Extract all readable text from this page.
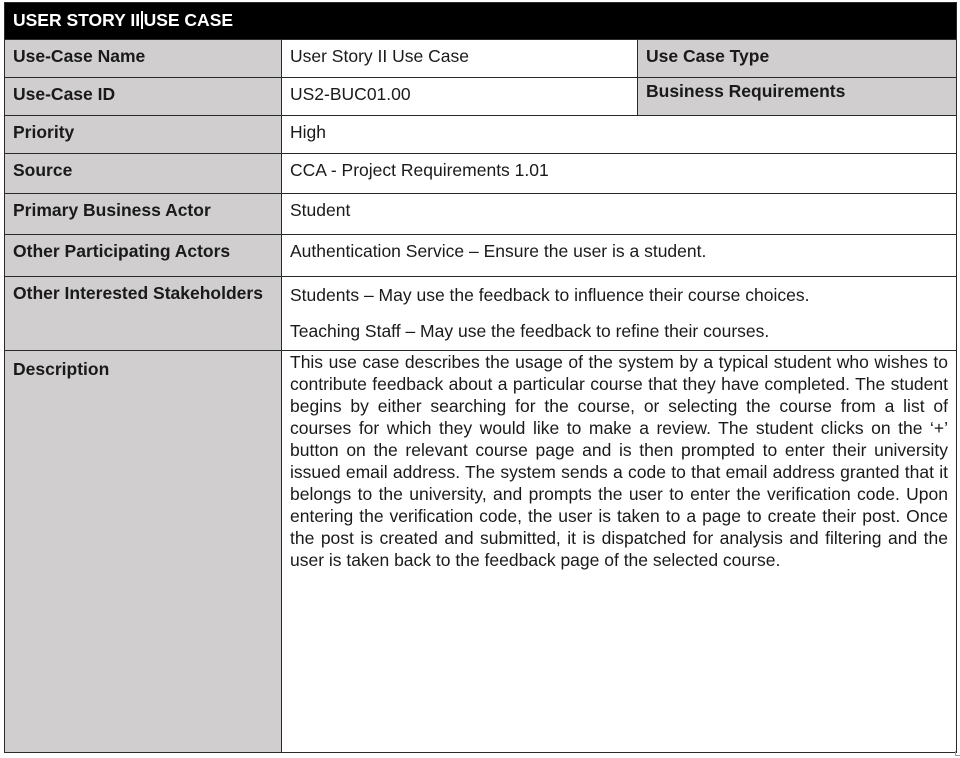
USER STORY II USE CASE		
Use-Case Name	User Story II Use Case	Use Case Type
Use-Case ID	US2-BUC01.00	Business Requirements
Priority	High	
Source	CCA - Project Requirements 1.01	
Primary Business Actor	Student	
Other Participating Actors	Authentication Service – Ensure the user is a student.	
Other Interested Stakeholders	Students – May use the feedback to influence their course choices.
Teaching Staff – May use the feedback to refine their courses.	

Description	This use case describes the usage of the system by a typical student who wishes to contribute feedback about a particular course that they have completed. The student begins by either searching for the course, or selecting the course from a list of courses for which they would like to make a review. The student clicks on the ‘+’ button on the relevant course page and is then prompted to enter their university issued email address. The system sends a code to that email address granted that it belongs to the university, and prompts the user to enter the verification code. Upon entering the verification code, the user is taken to a page to create their post. Once the post is created and submitted, it is dispatched for analysis and filtering and the user is taken back to the feedback page of the selected course.	
